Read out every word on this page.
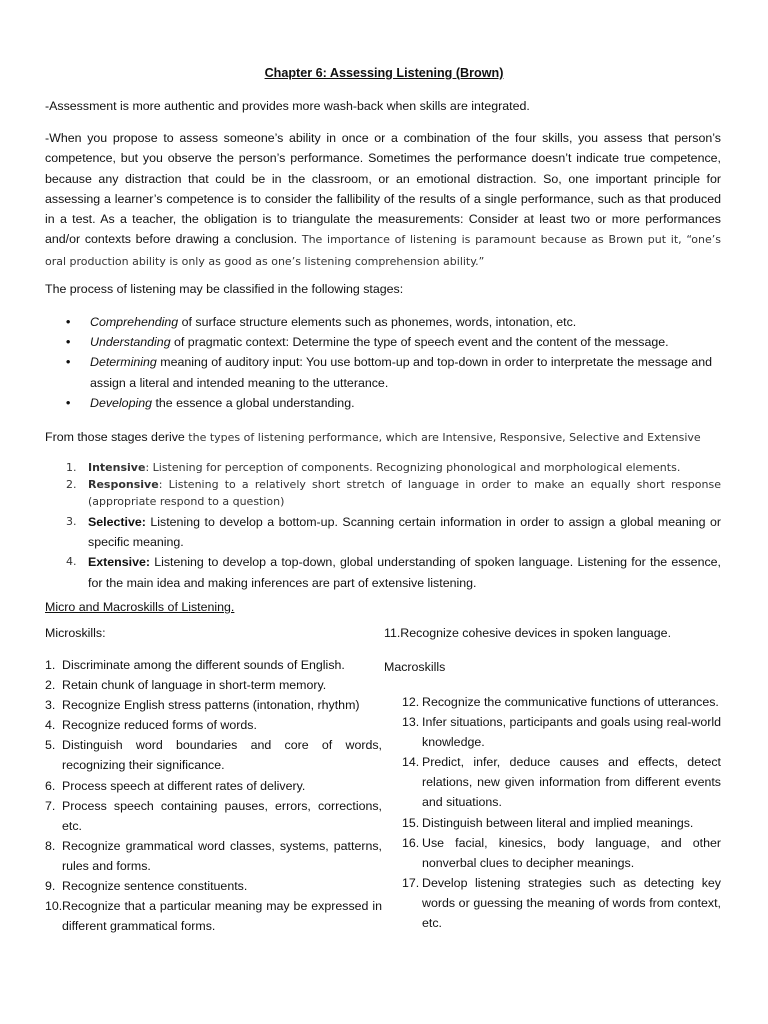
Chapter 6: Assessing Listening (Brown)
-Assessment is more authentic and provides more wash-back when skills are integrated.
-When you propose to assess someone’s ability in once or a combination of the four skills, you assess that person’s competence, but you observe the person’s performance. Sometimes the performance doesn’t indicate true competence, because any distraction that could be in the classroom, or an emotional distraction. So, one important principle for assessing a learner’s competence is to consider the fallibility of the results of a single performance, such as that produced in a test. As a teacher, the obligation is to triangulate the measurements: Consider at least two or more performances and/or contexts before drawing a conclusion. The importance of listening is paramount because as Brown put it, “one’s oral production ability is only as good as one’s listening comprehension ability.”
The process of listening may be classified in the following stages:
• Comprehending of surface structure elements such as phonemes, words, intonation, etc.
• Understanding of pragmatic context: Determine the type of speech event and the content of the message.
• Determining meaning of auditory input: You use bottom-up and top-down in order to interpretate the message and assign a literal and intended meaning to the utterance.
• Developing the essence a global understanding.
From those stages derive the types of listening performance, which are Intensive, Responsive, Selective and Extensive
1. Intensive: Listening for perception of components. Recognizing phonological and morphological elements.
2. Responsive: Listening to a relatively short stretch of language in order to make an equally short response (appropriate respond to a question)
3. Selective: Listening to develop a bottom-up. Scanning certain information in order to assign a global meaning or specific meaning.
4. Extensive: Listening to develop a top-down, global understanding of spoken language. Listening for the essence, for the main idea and making inferences are part of extensive listening.
Micro and Macroskills of Listening.
Microskills:
1. Discriminate among the different sounds of English.
2. Retain chunk of language in short-term memory.
3. Recognize English stress patterns (intonation, rhythm)
4. Recognize reduced forms of words.
5. Distinguish word boundaries and core of words, recognizing their significance.
6. Process speech at different rates of delivery.
7. Process speech containing pauses, errors, corrections, etc.
8. Recognize grammatical word classes, systems, patterns, rules and forms.
9. Recognize sentence constituents.
10. Recognize that a particular meaning may be expressed in different grammatical forms.
11.Recognize cohesive devices in spoken language.
Macroskills
12. Recognize the communicative functions of utterances.
13. Infer situations, participants and goals using real-world knowledge.
14. Predict, infer, deduce causes and effects, detect relations, new given information from different events and situations.
15. Distinguish between literal and implied meanings.
16. Use facial, kinesics, body language, and other nonverbal clues to decipher meanings.
17. Develop listening strategies such as detecting key words or guessing the meaning of words from context, etc.
